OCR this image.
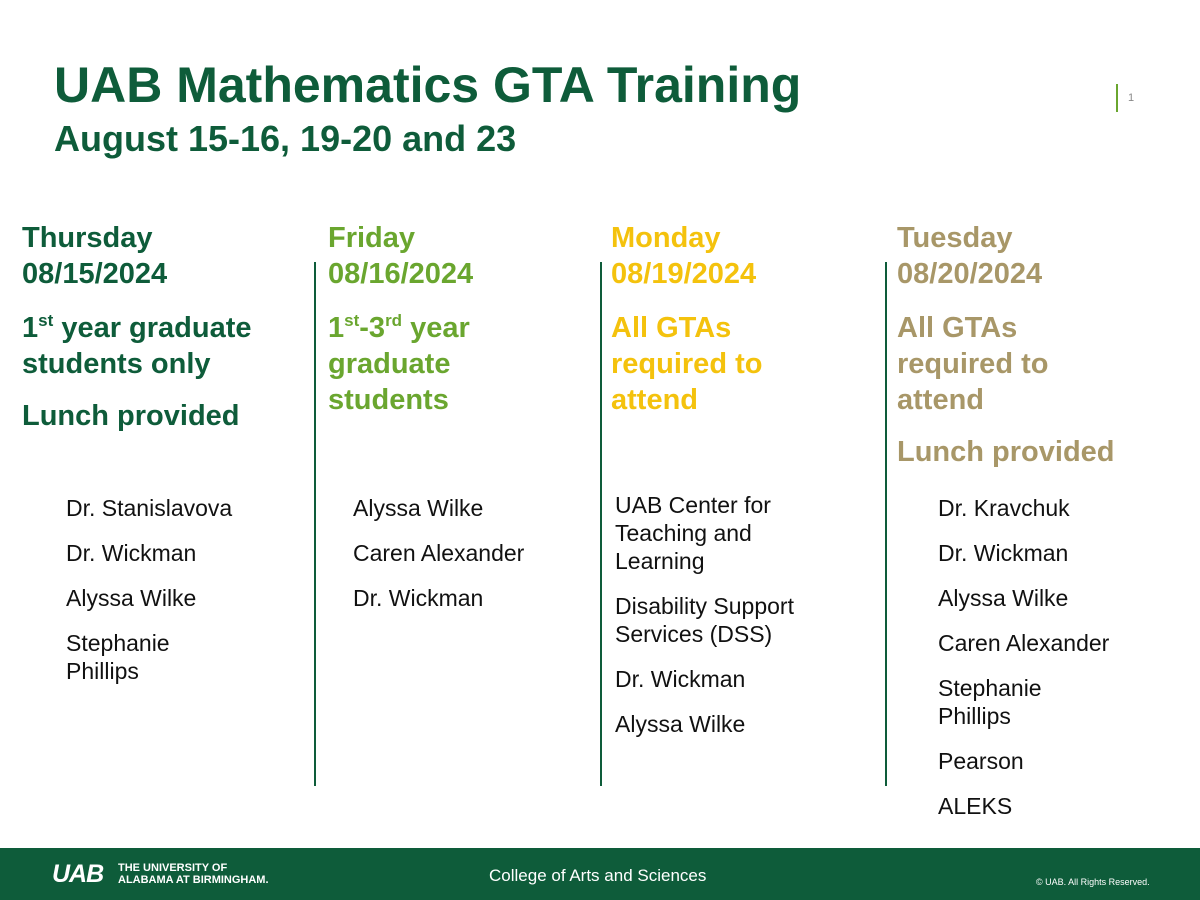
UAB Mathematics GTA Training
August 15-16, 19-20 and 23
1

Thursday
08/15/2024

1st year graduate students only

Lunch provided

Dr. Stanislavova
Dr. Wickman
Alyssa Wilke
Stephanie Phillips

Friday
08/16/2024

1st-3rd year graduate students

Alyssa Wilke
Caren Alexander
Dr. Wickman

Monday
08/19/2024

All GTAs required to attend

UAB Center for Teaching and Learning
Disability Support Services (DSS)
Dr. Wickman
Alyssa Wilke

Tuesday
08/20/2024

All GTAs required to attend

Lunch provided

Dr. Kravchuk
Dr. Wickman
Alyssa Wilke
Caren Alexander
Stephanie Phillips
Pearson
ALEKS
UAB THE UNIVERSITY OF
ALABAMA AT BIRMINGHAM.	College of Arts and Sciences	© UAB. All Rights Reserved.
